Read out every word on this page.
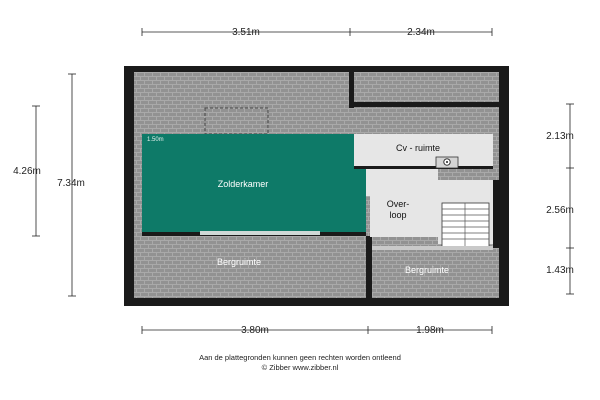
3.51m	2.34m
3.80m	1.98m
4.26m
7.34m
2.13m
2.56m
1.43m
1.50m
Zolderkamer
Cv - ruimte
Over-
loop
Bergruimte
Bergruimte
Aan de plattegronden kunnen geen rechten worden ontleend
© Zibber www.zibber.nl
